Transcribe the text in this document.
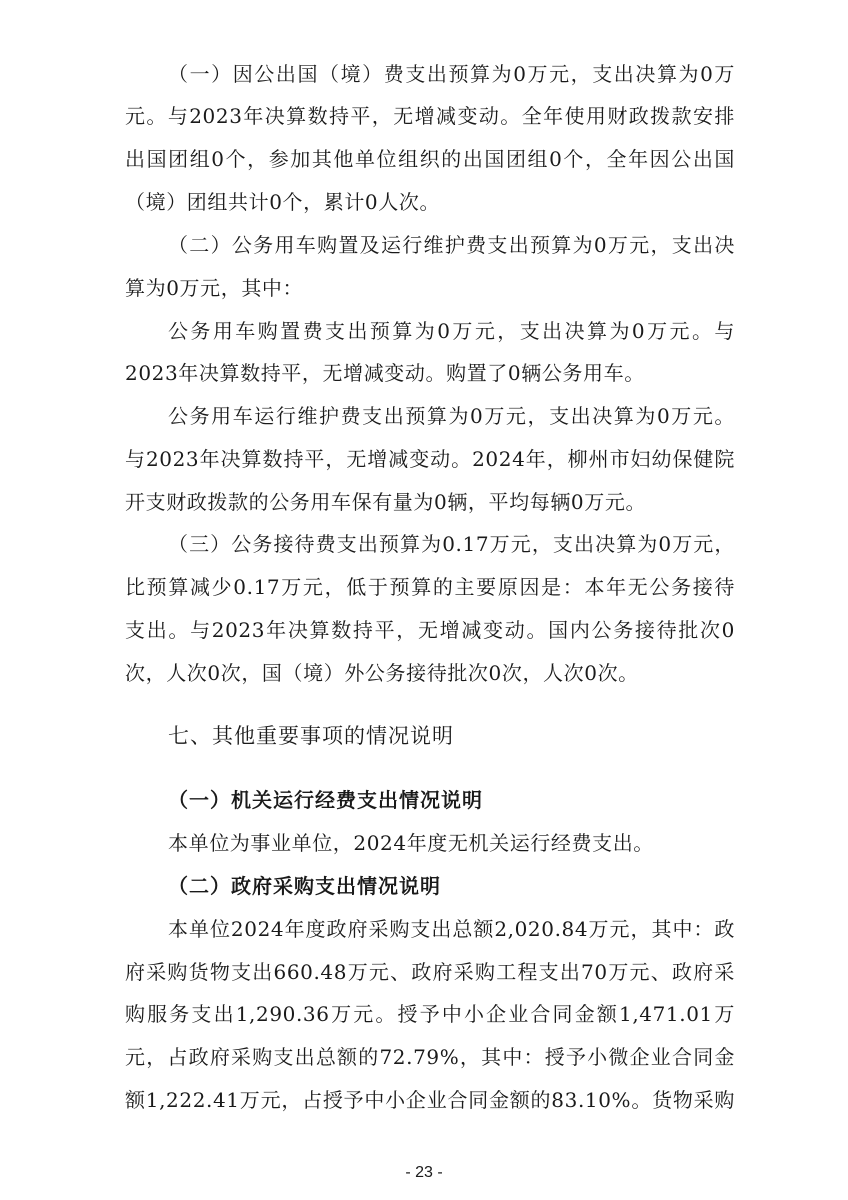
（一）因公出国（境）费支出预算为0万元，支出决算为0万
元。与2023年决算数持平，无增减变动。全年使用财政拨款安排
出国团组0个，参加其他单位组织的出国团组0个，全年因公出国
（境）团组共计0个，累计0人次。
（二）公务用车购置及运行维护费支出预算为0万元，支出决
算为0万元，其中：
公务用车购置费支出预算为0万元，支出决算为0万元。与
2023年决算数持平，无增减变动。购置了0辆公务用车。
公务用车运行维护费支出预算为0万元，支出决算为0万元。
与2023年决算数持平，无增减变动。2024年，柳州市妇幼保健院
开支财政拨款的公务用车保有量为0辆，平均每辆0万元。
（三）公务接待费支出预算为0.17万元，支出决算为0万元，
比预算减少0.17万元，低于预算的主要原因是：本年无公务接待
支出。与2023年决算数持平，无增减变动。国内公务接待批次0
次，人次0次，国（境）外公务接待批次0次，人次0次。
七、其他重要事项的情况说明
（一）机关运行经费支出情况说明
本单位为事业单位，2024年度无机关运行经费支出。
（二）政府采购支出情况说明
本单位2024年度政府采购支出总额2,020.84万元，其中：政
府采购货物支出660.48万元、政府采购工程支出70万元、政府采
购服务支出1,290.36万元。授予中小企业合同金额1,471.01万
元，占政府采购支出总额的72.79%，其中：授予小微企业合同金
额1,222.41万元，占授予中小企业合同金额的83.10%。货物采购
- 23 -
